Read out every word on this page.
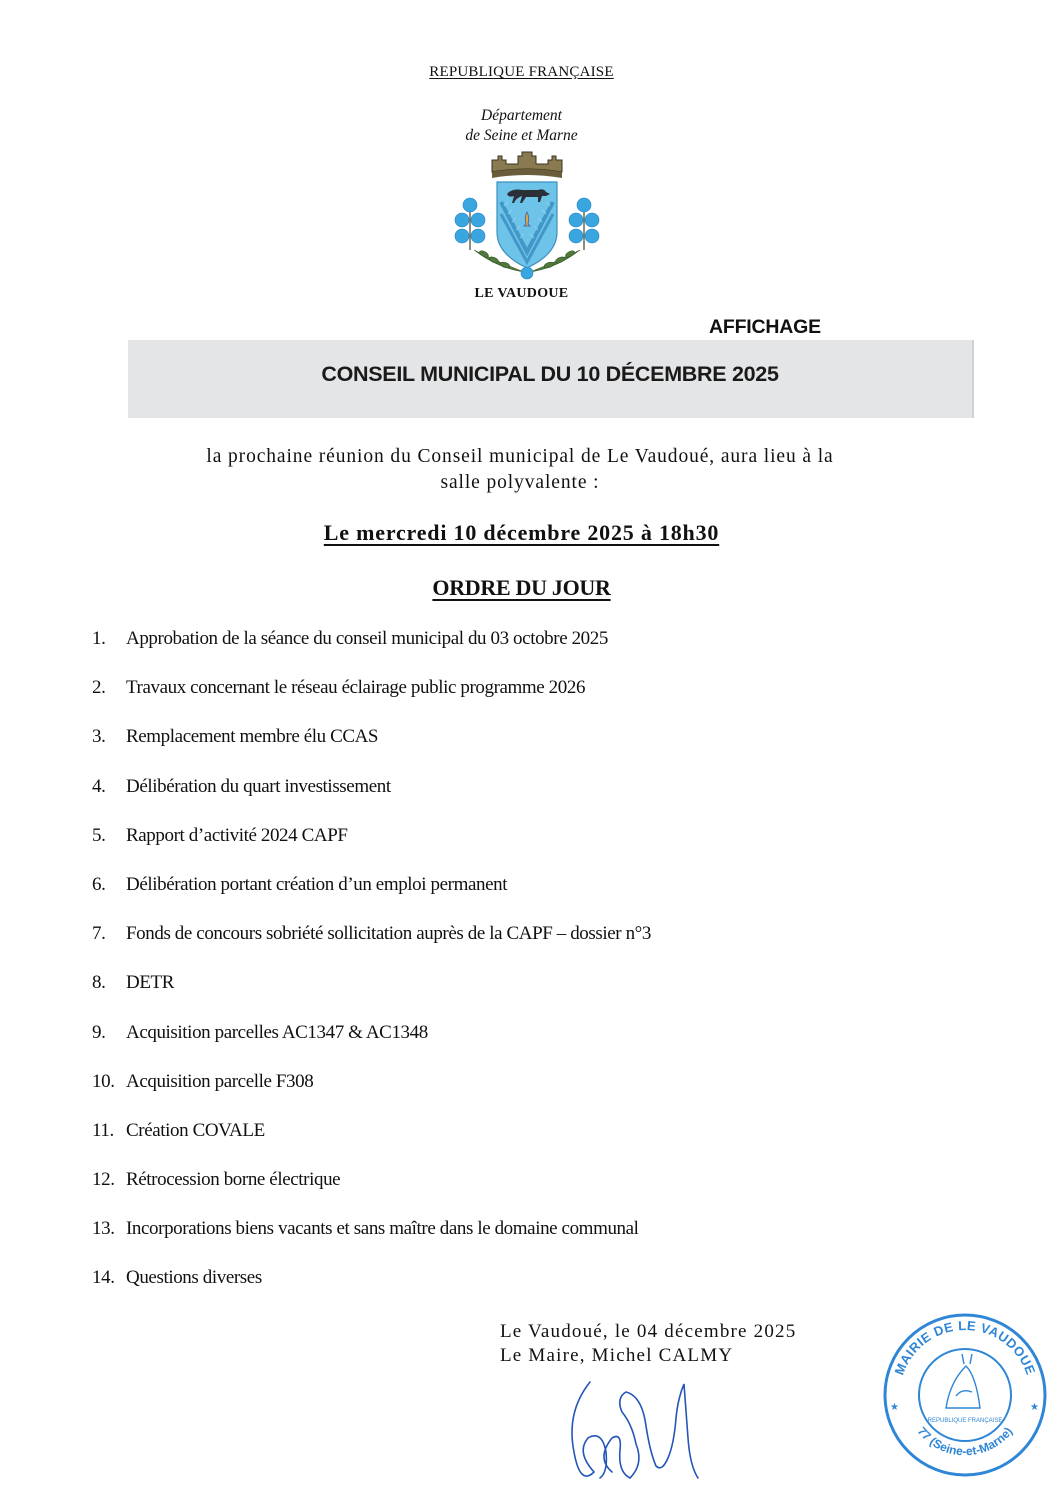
REPUBLIQUE FRANÇAISE
Département
de Seine et Marne
LE VAUDOUE
AFFICHAGE
CONSEIL MUNICIPAL DU 10 DÉCEMBRE 2025
la prochaine réunion du Conseil municipal de Le Vaudoué, aura lieu à la
salle polyvalente :
Le mercredi 10 décembre 2025 à 18h30
ORDRE DU JOUR
1.	Approbation de la séance du conseil municipal du 03 octobre 2025
2.	Travaux concernant le réseau éclairage public programme 2026
3.	Remplacement membre élu CCAS
4.	Délibération du quart investissement
5.	Rapport d’activité 2024 CAPF
6.	Délibération portant création d’un emploi permanent
7.	Fonds de concours sobriété sollicitation auprès de la CAPF – dossier n°3
8.	DETR
9.	Acquisition parcelles AC1347 & AC1348
10. Acquisition parcelle F308
11. Création COVALE
12. Rétrocession borne électrique
13. Incorporations biens vacants et sans maître dans le domaine communal
14. Questions diverses
Le Vaudoué, le 04 décembre 2025
Le Maire, Michel CALMY
MAIRIE DE LE VAUDOUE
77 (Seine-et-Marne)
★	★
REPUBLIQUE FRANÇAISE
